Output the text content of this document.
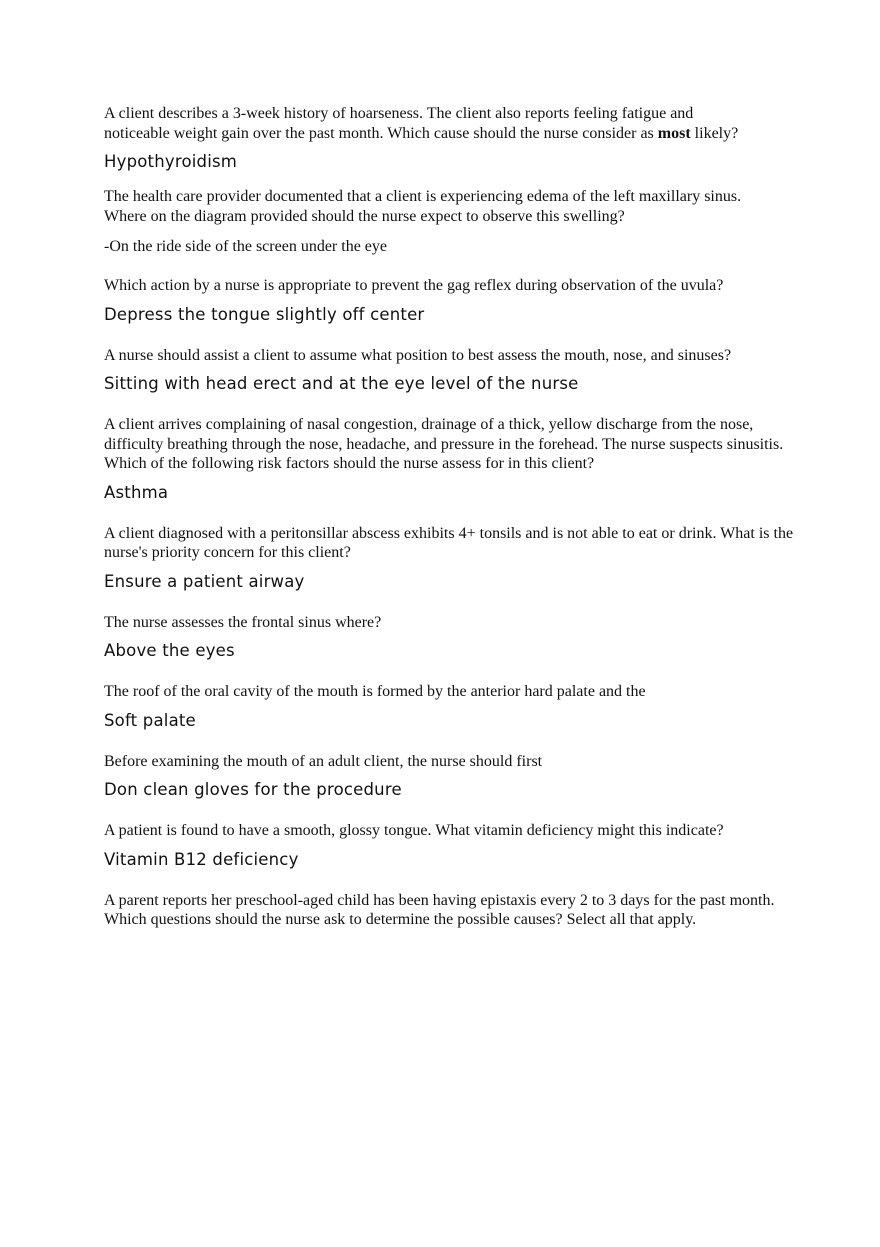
A client describes a 3-week history of hoarseness. The client also reports feeling fatigue and noticeable weight gain over the past month. Which cause should the nurse consider as most likely?

Hypothyroidism

The health care provider documented that a client is experiencing edema of the left maxillary sinus. Where on the diagram provided should the nurse expect to observe this swelling?

-On the ride side of the screen under the eye

Which action by a nurse is appropriate to prevent the gag reflex during observation of the uvula?

Depress the tongue slightly off center

A nurse should assist a client to assume what position to best assess the mouth, nose, and sinuses?

Sitting with head erect and at the eye level of the nurse

A client arrives complaining of nasal congestion, drainage of a thick, yellow discharge from the nose, difficulty breathing through the nose, headache, and pressure in the forehead. The nurse suspects sinusitis. Which of the following risk factors should the nurse assess for in this client?

Asthma

A client diagnosed with a peritonsillar abscess exhibits 4+ tonsils and is not able to eat or drink. What is the nurse's priority concern for this client?

Ensure a patient airway

The nurse assesses the frontal sinus where?

Above the eyes

The roof of the oral cavity of the mouth is formed by the anterior hard palate and the

Soft palate

Before examining the mouth of an adult client, the nurse should first

Don clean gloves for the procedure

A patient is found to have a smooth, glossy tongue. What vitamin deficiency might this indicate?

Vitamin B12 deficiency

A parent reports her preschool-aged child has been having epistaxis every 2 to 3 days for the past month. Which questions should the nurse ask to determine the possible causes? Select all that apply.
